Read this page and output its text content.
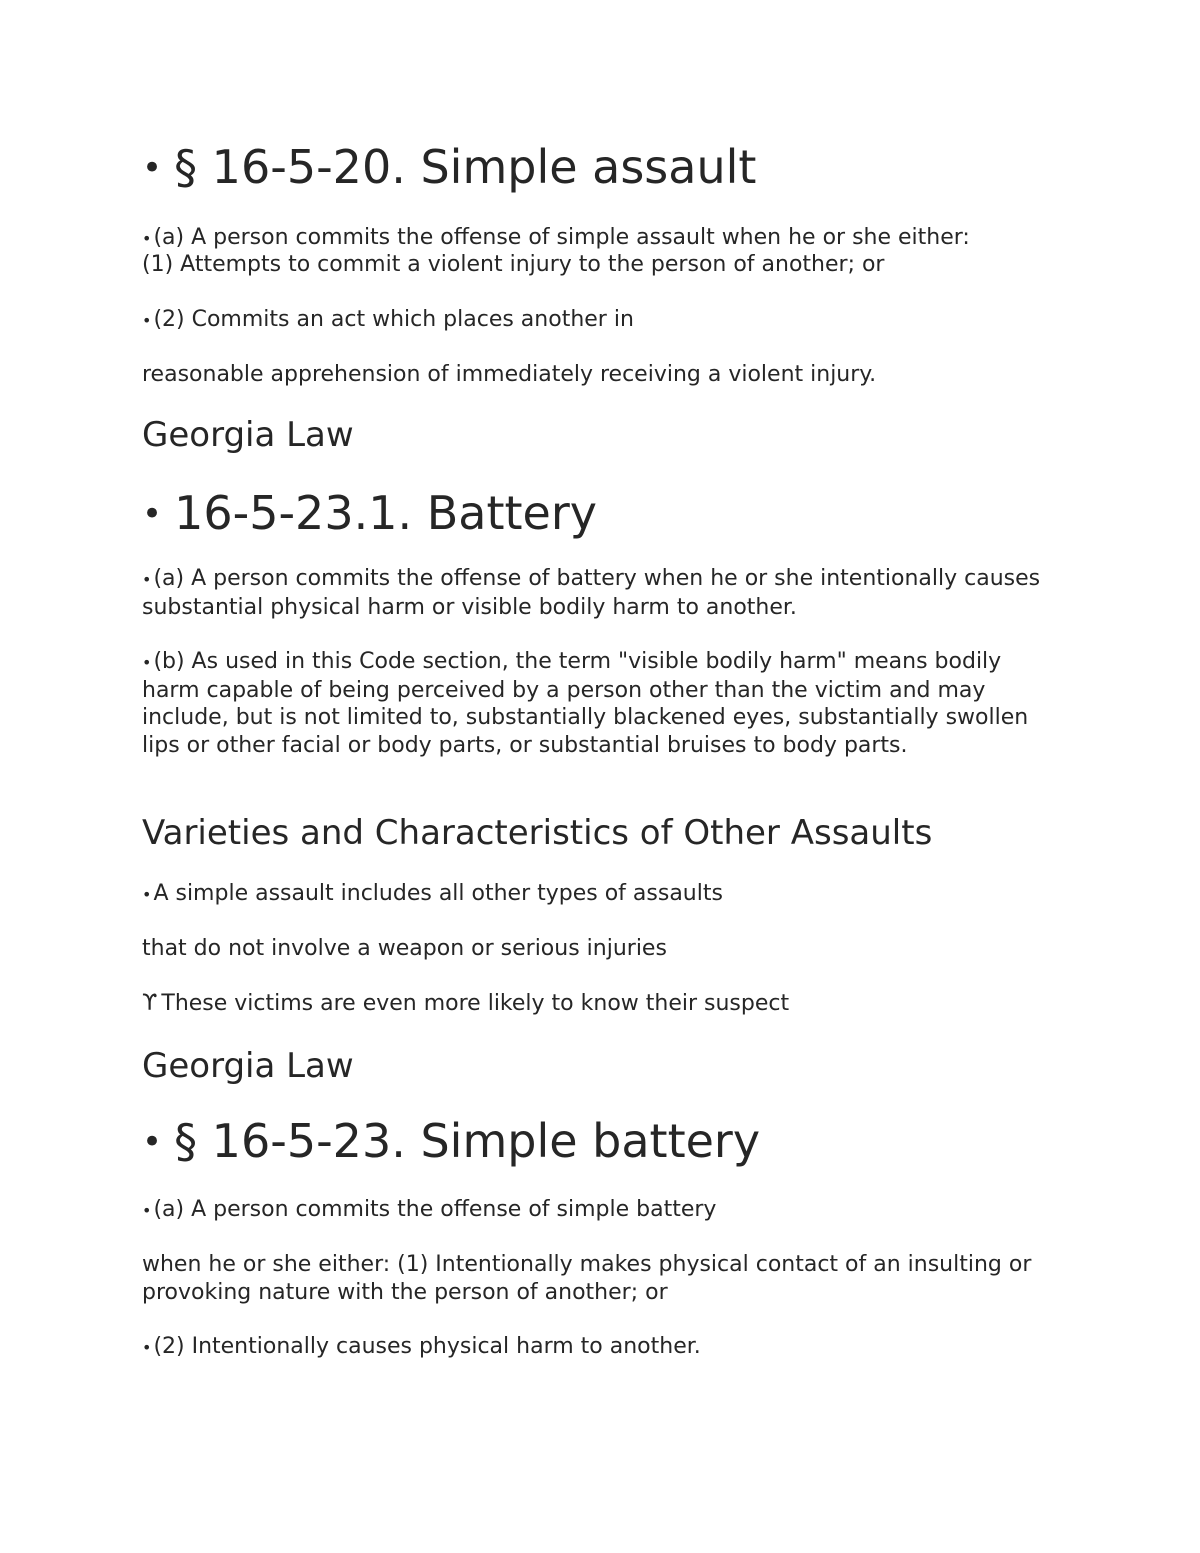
• § 16-5-20. Simple assault
•(a) A person commits the offense of simple assault when he or she either:
(1) Attempts to commit a violent injury to the person of another; or
•(2) Commits an act which places another in
reasonable apprehension of immediately receiving a violent injury.
Georgia Law
• 16-5-23.1. Battery
•(a) A person commits the offense of battery when he or she intentionally causes substantial physical harm or visible bodily harm to another.
•(b) As used in this Code section, the term "visible bodily harm" means bodily harm capable of being perceived by a person other than the victim and may include, but is not limited to, substantially blackened eyes, substantially swollen lips or other facial or body parts, or substantial bruises to body parts.
Varieties and Characteristics of Other Assaults
•A simple assault includes all other types of assaults
that do not involve a weapon or serious injuries
ϒ These victims are even more likely to know their suspect
Georgia Law
• § 16-5-23. Simple battery
•(a) A person commits the offense of simple battery
when he or she either: (1) Intentionally makes physical contact of an insulting or provoking nature with the person of another; or
•(2) Intentionally causes physical harm to another.
